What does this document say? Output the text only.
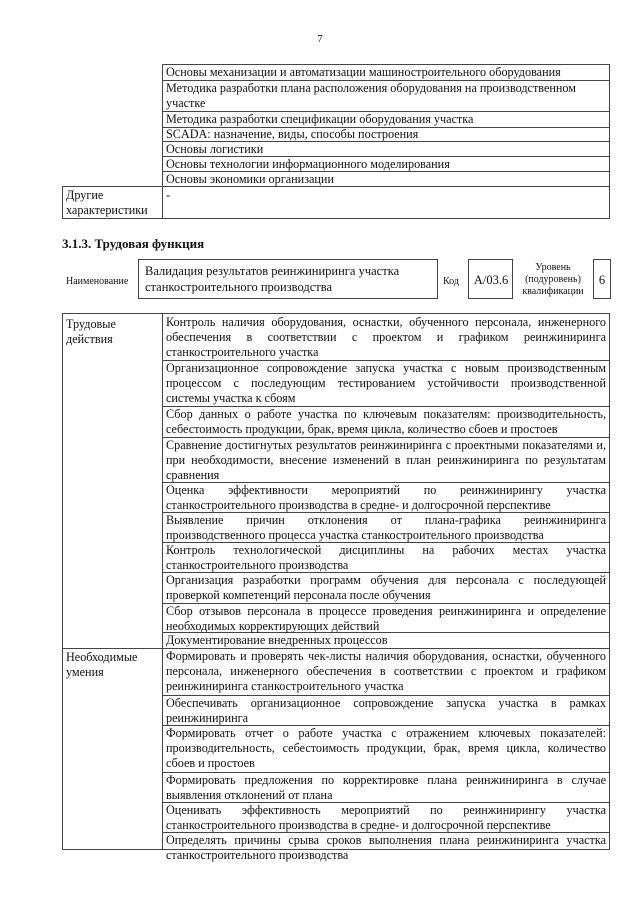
7
Основы механизации и автоматизации машиностроительного оборудования
Методика разработки плана расположения оборудования на производственном участке
Методика разработки спецификации оборудования участка
SCADA: назначение, виды, способы построения
Основы логистики
Основы технологии информационного моделирования
Основы экономики организации
Другие характеристики
-
3.1.3. Трудовая функция
Наименование
Валидация результатов реинжиниринга участка станкостроительного производства	Код	A/03.6
Уровень (подуровень) квалификации
6
Трудовые действия
Контроль наличия оборудования, оснастки, обученного персонала, инженерного обеспечения в соответствии с проектом и графиком реинжиниринга станкостроительного участка
Организационное сопровождение запуска участка с новым производственным процессом с последующим тестированием устойчивости производственной системы участка к сбоям
Сбор данных о работе участка по ключевым показателям: производительность, себестоимость продукции, брак, время цикла, количество сбоев и простоев
Сравнение достигнутых результатов реинжиниринга с проектными показателями и, при необходимости, внесение изменений в план реинжиниринга по результатам сравнения
Оценка эффективности мероприятий по реинжинирингу участка станкостроительного производства в средне- и долгосрочной перспективе
Выявление причин отклонения от плана-графика реинжиниринга производственного процесса участка станкостроительного производства
Контроль технологической дисциплины на рабочих местах участка станкостроительного производства
Организация разработки программ обучения для персонала с последующей проверкой компетенций персонала после обучения
Сбор отзывов персонала в процессе проведения реинжиниринга и определение необходимых корректирующих действий
Документирование внедренных процессов
Необходимые умения
Формировать и проверять чек-листы наличия оборудования, оснастки, обученного персонала, инженерного обеспечения в соответствии с проектом и графиком реинжиниринга станкостроительного участка
Обеспечивать организационное сопровождение запуска участка в рамках реинжиниринга
Формировать отчет о работе участка с отражением ключевых показателей: производительность, себестоимость продукции, брак, время цикла, количество сбоев и простоев
Формировать предложения по корректировке плана реинжиниринга в случае выявления отклонений от плана
Оценивать эффективность мероприятий по реинжинирингу участка станкостроительного производства в средне- и долгосрочной перспективе
Определять причины срыва сроков выполнения плана реинжиниринга участка станкостроительного производства
